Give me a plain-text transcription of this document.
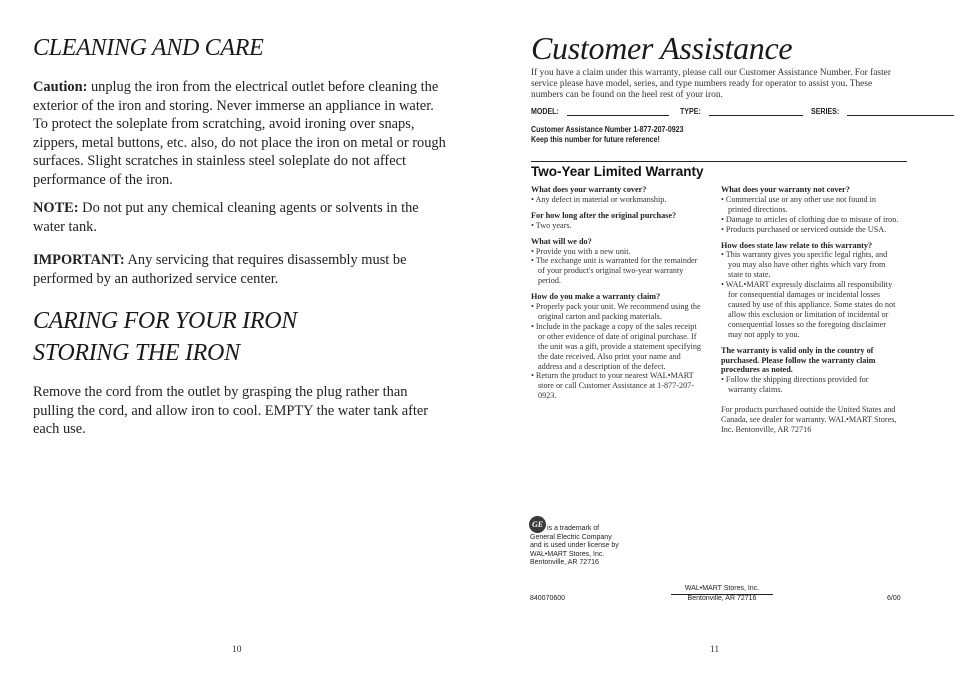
CLEANING AND CARE

Caution: unplug the iron from the electrical outlet before cleaning the exterior of the iron and storing. Never immerse an appliance in water. To protect the soleplate from scratching, avoid ironing over snaps, zippers, metal buttons, etc. also, do not place the iron on metal or rough surfaces. Slight scratches in stainless steel soleplate do not affect performance of the iron.

NOTE: Do not put any chemical cleaning agents or solvents in the water tank.

IMPORTANT: Any servicing that requires disassembly must be performed by an authorized service center.

CARING FOR YOUR IRON
STORING THE IRON

Remove the cord from the outlet by grasping the plug rather than pulling the cord, and allow iron to cool. EMPTY the water tank after each use.

10
Customer Assistance

If you have a claim under this warranty, please call our Customer Assistance Number. For faster service please have model, series, and type numbers ready for operator to assist you. These numbers can be found on the heel rest of your iron.

MODEL:	TYPE:	SERIES:
Customer Assistance Number 1-877-207-0923
Keep this number for future reference!
Two-Year Limited Warranty

What does your warranty cover?

• Any defect in material or workmanship.

For how long after the original purchase?

• Two years.

What will we do?

• Provide you with a new unit.

• The exchange unit is warranted for the remainder of your product's original two-year warranty period.

How do you make a warranty claim?

• Properly pack your unit. We recommend using the original carton and packing materials.

• Include in the package a copy of the sales receipt or other evidence of date of original purchase. If the unit was a gift, provide a statement specifying the date received. Also print your name and address and a description of the defect.

• Return the product to your nearest WAL•MART store or call Customer Assistance at 1-877-207-0923.

What does your warranty not cover?

• Commercial use or any other use not found in printed directions.

• Damage to articles of clothing due to misuse of iron.

• Products purchased or serviced outside the USA.

How does state law relate to this warranty?

• This warranty gives you specific legal rights, and you may also have other rights which vary from state to state.

• WAL•MART expressly disclaims all responsibility for consequential damages or incidental losses caused by use of this appliance. Some states do not allow this exclusion or limitation of incidental or consequential losses so the foregoing disclaimer may not apply to you.

The warranty is valid only in the country of purchased. Please follow the warranty claim procedures as noted.

• Follow the shipping directions provided for warranty claims.

For products purchased outside the United States and Canada, see dealer for warranty. WAL•MART Stores, Inc. Bentonville, AR 72716

GE is a trademark of
General Electric Company
and is used under license by
WAL•MART Stores, Inc.
Bentonville, AR 72716
840070600
WAL•MART Stores, Inc.
Bentonville, AR 72716	6/00
11
